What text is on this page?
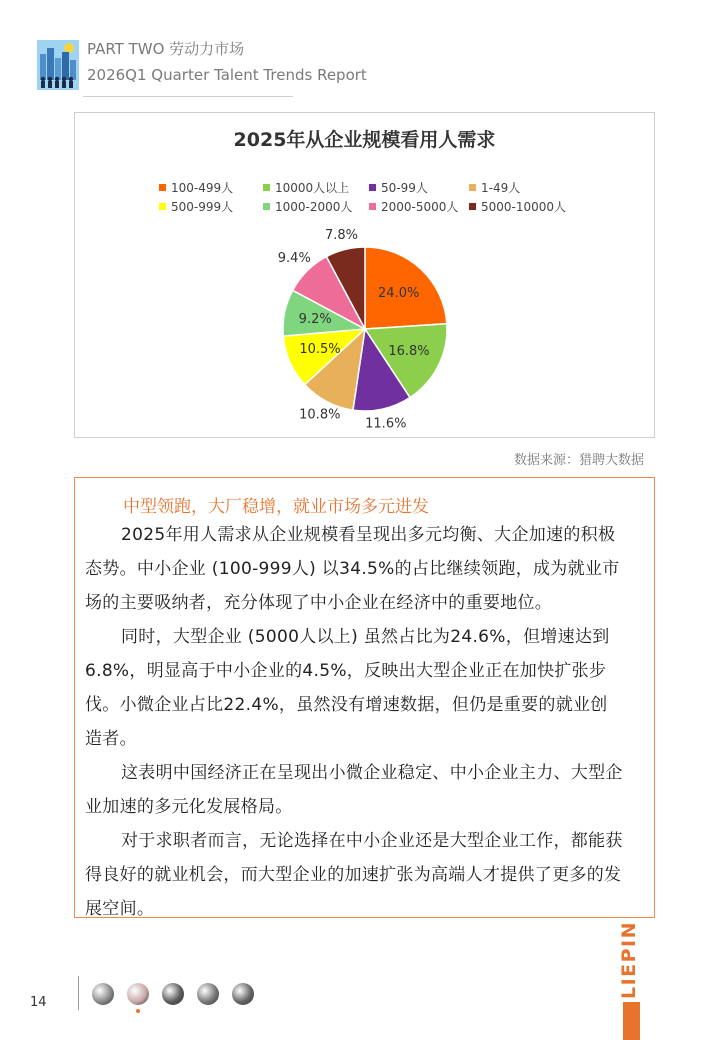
PART TWO 劳动力市场
2026Q1 Quarter Talent Trends Report
2025年从企业规模看用人需求
100-499人	10000人以上	50-99人	1-49人
500-999人	1000-2000人 2000-5000人 5000-10000人
24.0%
16.8%
11.6%
10.8%
10.5%
9.2%
9.4%
7.8%
数据来源：猎聘大数据
中型领跑，大厂稳增，就业市场多元进发
2025年用人需求从企业规模看呈现出多元均衡、大企加速的积极
态势。中小企业 (100-999人) 以34.5%的占比继续领跑，成为就业市
场的主要吸纳者，充分体现了中小企业在经济中的重要地位。
同时，大型企业 (5000人以上) 虽然占比为24.6%，但增速达到
6.8%，明显高于中小企业的4.5%，反映出大型企业正在加快扩张步
伐。小微企业占比22.4%，虽然没有增速数据，但仍是重要的就业创
造者。
这表明中国经济正在呈现出小微企业稳定、中小企业主力、大型企
业加速的多元化发展格局。
对于求职者而言，无论选择在中小企业还是大型企业工作，都能获
得良好的就业机会，而大型企业的加速扩张为高端人才提供了更多的发
展空间。
14
LIEPIN
